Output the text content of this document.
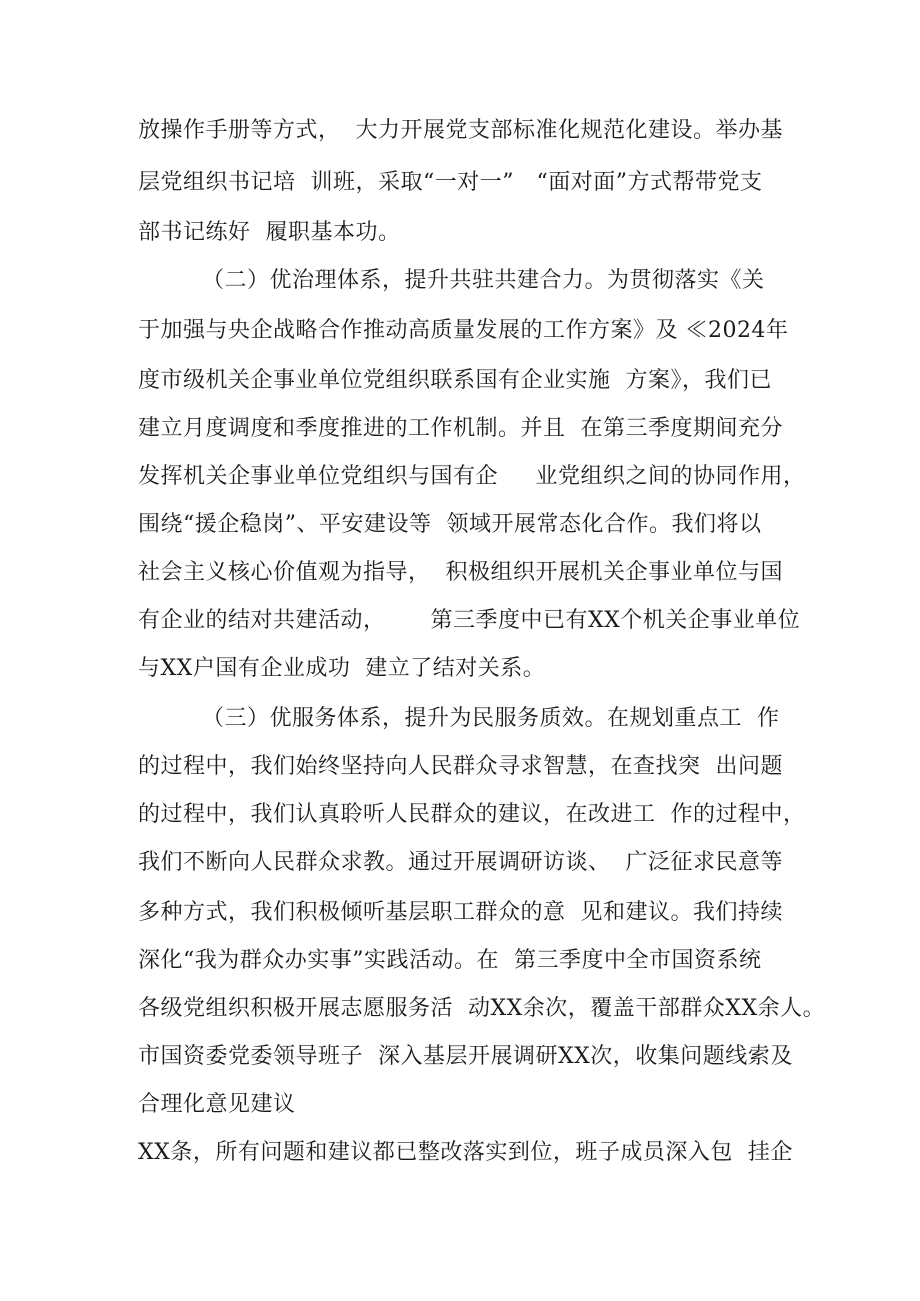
放操作手册等方式，  大力开展党支部标准化规范化建设。举办基
层党组织书记培  训班，采取“一对一”   “面对面”方式帮带党支
部书记练好  履职基本功。
（二）优治理体系，提升共驻共建合力。为贯彻落实《关
于加强与央企战略合作推动高质量发展的工作方案》及 ≪2024年
度市级机关企事业单位党组织联系国有企业实施  方案》，我们已
建立月度调度和季度推进的工作机制。并且  在第三季度期间充分
发挥机关企事业单位党组织与国有企     业党组织之间的协同作用，
围绕“援企稳岗”、平安建设等  领域开展常态化合作。我们将以
社会主义核心价值观为指导，  积极组织开展机关企事业单位与国
有企业的结对共建活动，      第三季度中已有XX个机关企事业单位
与XX户国有企业成功  建立了结对关系。
（三）优服务体系，提升为民服务质效。在规划重点工  作
的过程中，我们始终坚持向人民群众寻求智慧，在查找突  出问题
的过程中，我们认真聆听人民群众的建议，在改进工  作的过程中，
我们不断向人民群众求教。通过开展调研访谈、  广泛征求民意等
多种方式，我们积极倾听基层职工群众的意  见和建议。我们持续
深化“我为群众办实事”实践活动。在  第三季度中全市国资系统
各级党组织积极开展志愿服务活  动XX余次，覆盖干部群众XX余人。
市国资委党委领导班子  深入基层开展调研XX次，收集问题线索及
合理化意见建议
XX条，所有问题和建议都已整改落实到位，班子成员深入包  挂企
